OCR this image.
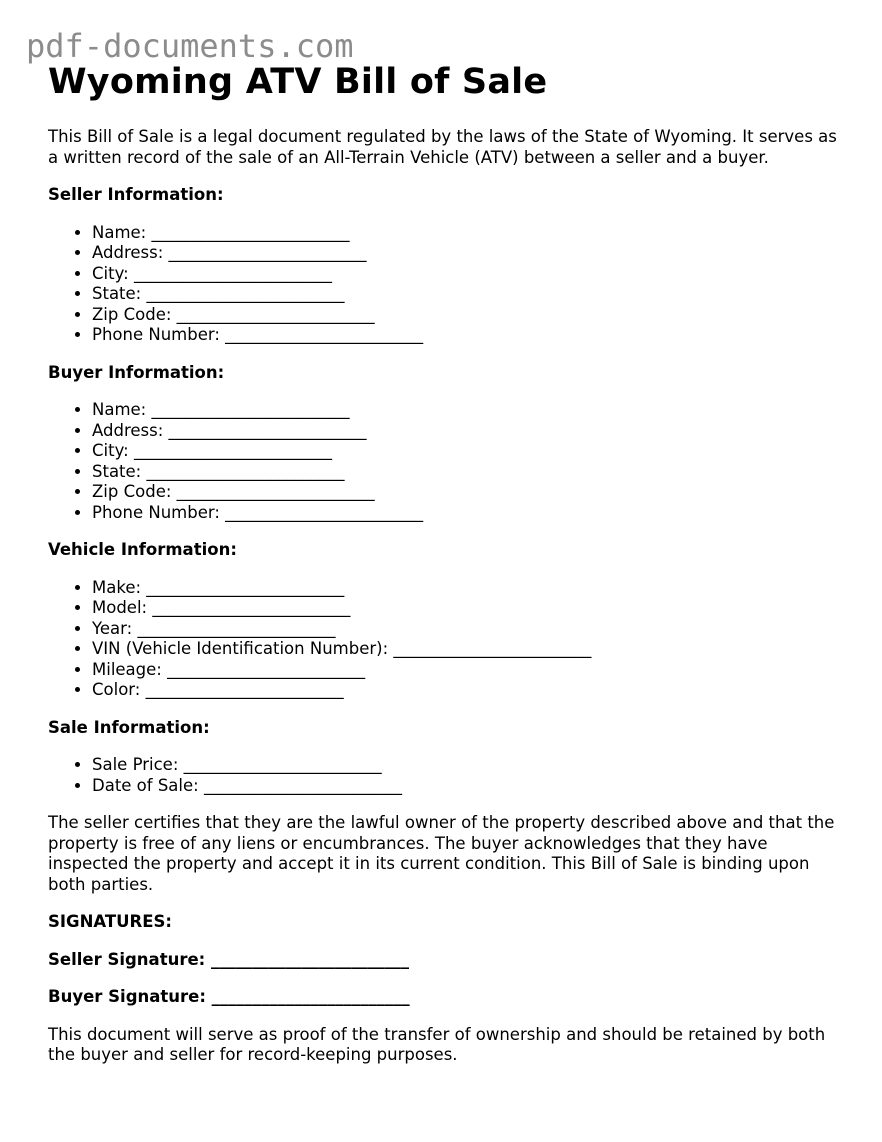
pdf-documents.com
Wyoming ATV Bill of Sale

This Bill of Sale is a legal document regulated by the laws of the State of Wyoming. It serves as a written record of the sale of an All-Terrain Vehicle (ATV) between a seller and a buyer.

Seller Information:

• Name: ________________________
• Address: ________________________
• City: ________________________
• State: ________________________
• Zip Code: ________________________
• Phone Number: ________________________

Buyer Information:

• Name: ________________________
• Address: ________________________
• City: ________________________
• State: ________________________
• Zip Code: ________________________
• Phone Number: ________________________

Vehicle Information:

• Make: ________________________
• Model: ________________________
• Year: ________________________
• VIN (Vehicle Identification Number): ________________________
• Mileage: ________________________
• Color: ________________________

Sale Information:

• Sale Price: ________________________
• Date of Sale: ________________________

The seller certifies that they are the lawful owner of the property described above and that the property is free of any liens or encumbrances. The buyer acknowledges that they have inspected the property and accept it in its current condition. This Bill of Sale is binding upon both parties.

SIGNATURES:

Seller Signature: ________________________

Buyer Signature: ________________________

This document will serve as proof of the transfer of ownership and should be retained by both the buyer and seller for record-keeping purposes.
